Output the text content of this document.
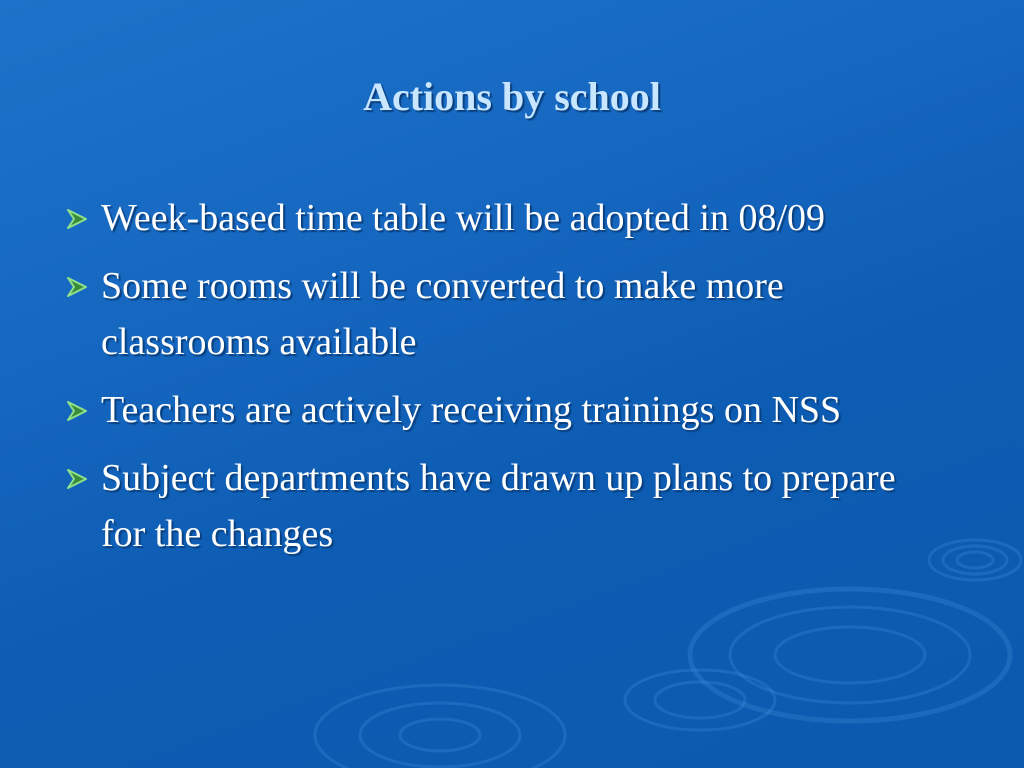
Actions by school
Week-based time table will be adopted in 08/09
Some rooms will be converted to make more classrooms available
Teachers are actively receiving trainings on NSS
Subject departments have drawn up plans to prepare for the changes
